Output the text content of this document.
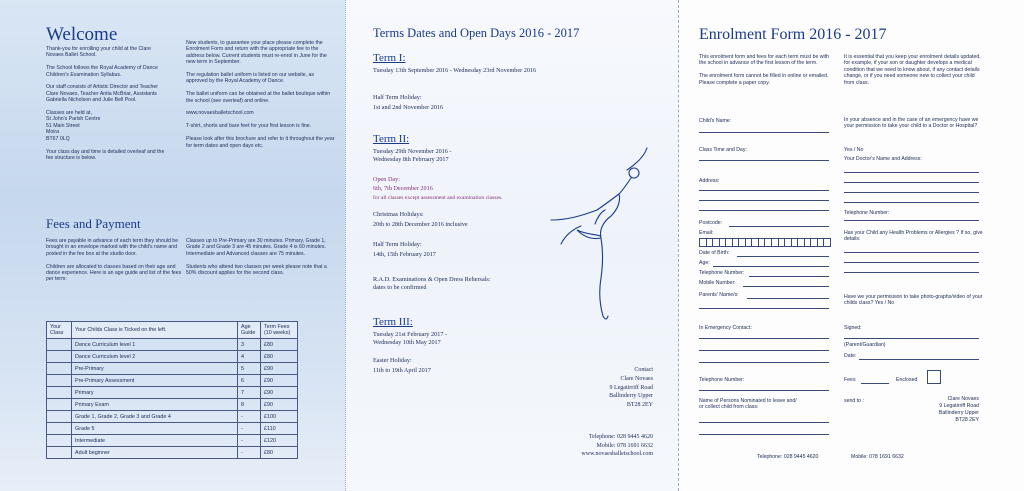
Welcome

Thank-you for enrolling your child at the Clare Novaes Ballet School.

The School follows the Royal Academy of Dance Children's Examination Syllabus.

Our staff consists of Artistic Director and Teacher Clare Novaes, Teacher Anita McBriar, Assistants Gabriella Nicholson and Julie Bell Pool.

Classes are held at,
St John's Parish Centre
51 Main Street
Moira
BT67 0LQ

Your class day and time is detailed overleaf and the fee structure is below.

New students, to guarantee your place please complete the Enrolment Form and return with the appropriate fee to the address below. Current students must re-enrol in June for the new term in September.

The regulation ballet uniform is listed on our website, as approved by the Royal Academy of Dance.

The ballet uniform can be obtained at the ballet boutique within the school (see overleaf) and online.

www.novaesballetschool.com

T-shirt, shorts and bare feet for your first lesson is fine.

Please look after this brochure and refer to it throughout the year for term dates and open days etc.

Fees and Payment

Fees are payable in advance of each term they should be brought in an envelope marked with the child's name and posted in the fee box at the studio door.

Children are allocated to classes based on their age and dance experience. Here is an age guide and list of the fees per term:

Classes up to Pre-Primary are 30 minutes. Primary, Grade 1, Grade 2 and Grade 3 are 45 minutes. Grade 4 is 60 minutes. Intermediate and Advanced classes are 75 minutes.

Students who attend two classes per week please note that a 50% discount applies for the second class.

Your Class	Your Childs Class is Ticked on the left.	Age Guide	Term Fees (10 weeks)
	Dance Curriculum level 1	3	£80
	Dance Curriculum level 2	4	£80
	Pre-Primary	5	£90
	Pre-Primary Assessment	6	£90
	Primary	7	£90
	Primary Exam	8	£90
	Grade 1, Grade 2, Grade 3 and Grade 4	-	£100
	Grade 5	-	£110
	Intermediate	-	£120
	Adult beginner	-	£80
Terms Dates and Open Days 2016 - 2017

Term I:

Tuesday 13th September 2016 - Wednesday 23rd November 2016

Half Term Holiday:

1st and 2nd November 2016

Term II:

Tuesday 29th November 2016 -
Wednesday 8th February 2017

Open Day:

6th, 7th December 2016

for all classes except assessment and examination classes.

Christmas Holidays:

20th to 28th December 2016 inclusive

Half Term Holiday:

14th, 15th February 2017

R.A.D. Examinations & Open Dress Rehersals:
dates to be confirmed

Term III:

Tuesday 21st February 2017 -
Wednesday 10th May 2017

Easter Holiday:

11th to 19th April 2017	Contact

Clare Novaes
9 Legatirriff Road
Ballinderry Upper
BT28 2EY

Telephone: 028 9445 4620
Mobile: 078 1691 6632
www.novaesballetschool.com

Enrolment Form 2016 - 2017

This enrolment form and fees for each term must be with the school in advance of the first lesson of the term.

The enrolment form cannot be filled in online or emailed. Please complete a paper copy.

It is essential that you keep your enrolment details updated, for example, if your son or daughter develops a medical condition that we need to know about, if any contact details change, or if you need someone new to collect your child from class.

Child's Name:
Class Time and Day:
Address:
Postcode:
Email:
Date of Birth:
Age:
Telephone Number:
Mobile Number:
Parents' Name/s:
In Emergency Contact:
Telephone Number:
Name of Persons Nominated to leave and/
or collect child from class:

In your absence and in the case of an emergency have we your permission to take your child to a Doctor or Hospital?

Yes / No
Your Doctor's Name and Address:
Telephone Number:

Has your Child any Health Problems or Allergies ? If so, give details:

Have we your permission to take photo-graphs/video of your childs class? Yes / No

Signed:
(Parent/Guardian)
Date:
Fees	Enclosed
send to :	Clare Novaes
9 Legatirriff Road
Ballinderry Upper
BT28 2EY

Telephone: 028 9445 4620	Mobile: 078 1691 6632
